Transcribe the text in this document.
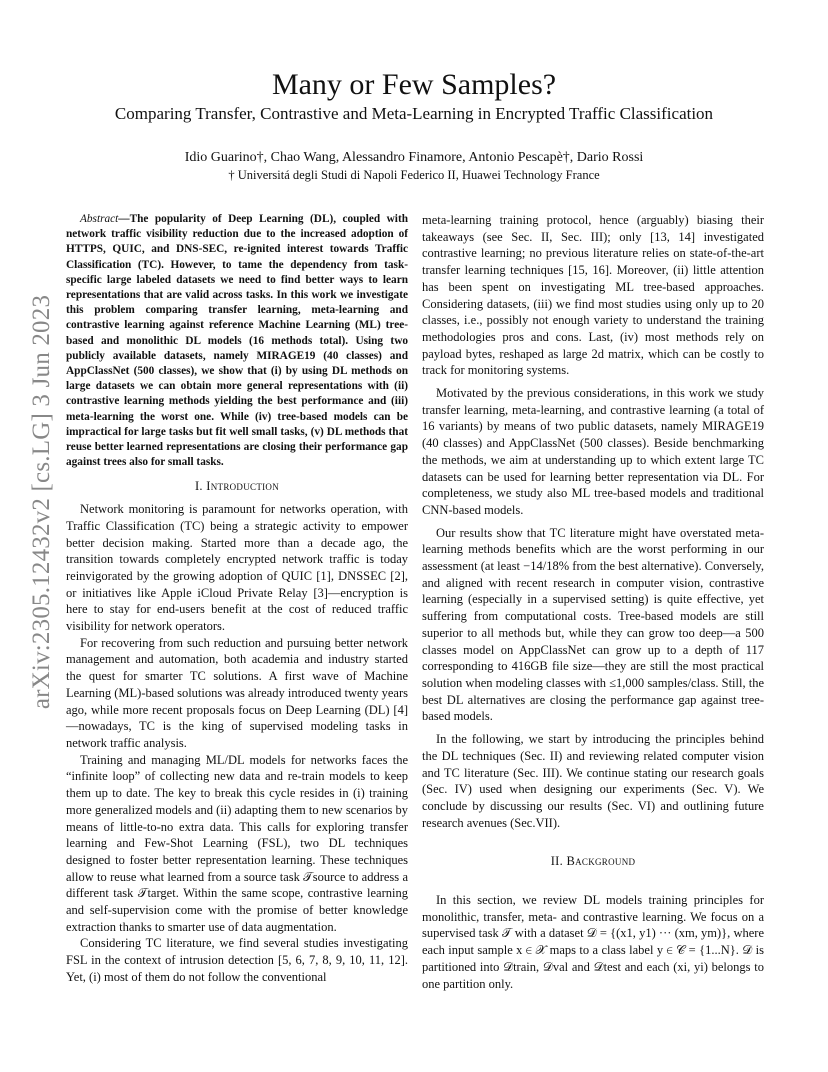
arXiv:2305.12432v2 [cs.LG] 3 Jun 2023
Many or Few Samples?
Comparing Transfer, Contrastive and Meta-Learning in Encrypted Traffic Classification
Idio Guarino†, Chao Wang, Alessandro Finamore, Antonio Pescapè†, Dario Rossi
† Universitá degli Studi di Napoli Federico II, Huawei Technology France

Abstract—The popularity of Deep Learning (DL), coupled with network traffic visibility reduction due to the increased adoption of HTTPS, QUIC, and DNS-SEC, re-ignited interest towards Traffic Classification (TC). However, to tame the dependency from task-specific large labeled datasets we need to find better ways to learn representations that are valid across tasks. In this work we investigate this problem comparing transfer learning, meta-learning and contrastive learning against reference Machine Learning (ML) tree-based and monolithic DL models (16 methods total). Using two publicly available datasets, namely MIRAGE19 (40 classes) and AppClassNet (500 classes), we show that (i) by using DL methods on large datasets we can obtain more general representations with (ii) contrastive learning methods yielding the best performance and (iii) meta-learning the worst one. While (iv) tree-based models can be impractical for large tasks but fit well small tasks, (v) DL methods that reuse better learned representations are closing their performance gap against trees also for small tasks.

I. Introduction

Network monitoring is paramount for networks operation, with Traffic Classification (TC) being a strategic activity to empower better decision making. Started more than a decade ago, the transition towards completely encrypted network traffic is today reinvigorated by the growing adoption of QUIC [1], DNSSEC [2], or initiatives like Apple iCloud Private Relay [3]—encryption is here to stay for end-users benefit at the cost of reduced traffic visibility for network operators.

For recovering from such reduction and pursuing better network management and automation, both academia and industry started the quest for smarter TC solutions. A first wave of Machine Learning (ML)-based solutions was already introduced twenty years ago, while more recent proposals focus on Deep Learning (DL) [4]—nowadays, TC is the king of supervised modeling tasks in network traffic analysis.

Training and managing ML/DL models for networks faces the “infinite loop” of collecting new data and re-train models to keep them up to date. The key to break this cycle resides in (i) training more generalized models and (ii) adapting them to new scenarios by means of little-to-no extra data. This calls for exploring transfer learning and Few-Shot Learning (FSL), two DL techniques designed to foster better representation learning. These techniques allow to reuse what learned from a source task 𝒯source to address a different task 𝒯target. Within the same scope, contrastive learning and self-supervision come with the promise of better knowledge extraction thanks to smarter use of data augmentation.

Considering TC literature, we find several studies investigating FSL in the context of intrusion detection [5, 6, 7, 8, 9, 10, 11, 12]. Yet, (i) most of them do not follow the conventional

meta-learning training protocol, hence (arguably) biasing their takeaways (see Sec. II, Sec. III); only [13, 14] investigated contrastive learning; no previous literature relies on state-of-the-art transfer learning techniques [15, 16]. Moreover, (ii) little attention has been spent on investigating ML tree-based approaches. Considering datasets, (iii) we find most studies using only up to 20 classes, i.e., possibly not enough variety to understand the training methodologies pros and cons. Last, (iv) most methods rely on payload bytes, reshaped as large 2d matrix, which can be costly to track for monitoring systems.

Motivated by the previous considerations, in this work we study transfer learning, meta-learning, and contrastive learning (a total of 16 variants) by means of two public datasets, namely MIRAGE19 (40 classes) and AppClassNet (500 classes). Beside benchmarking the methods, we aim at understanding up to which extent large TC datasets can be used for learning better representation via DL. For completeness, we study also ML tree-based models and traditional CNN-based models.

Our results show that TC literature might have overstated meta-learning methods benefits which are the worst performing in our assessment (at least −14/18% from the best alternative). Conversely, and aligned with recent research in computer vision, contrastive learning (especially in a supervised setting) is quite effective, yet suffering from computational costs. Tree-based models are still superior to all methods but, while they can grow too deep—a 500 classes model on AppClassNet can grow up to a depth of 117 corresponding to 416GB file size—they are still the most practical solution when modeling classes with ≤1,000 samples/class. Still, the best DL alternatives are closing the performance gap against tree-based models.

In the following, we start by introducing the principles behind the DL techniques (Sec. II) and reviewing related computer vision and TC literature (Sec. III). We continue stating our research goals (Sec. IV) used when designing our experiments (Sec. V). We conclude by discussing our results (Sec. VI) and outlining future research avenues (Sec.VII).

II. Background

In this section, we review DL models training principles for monolithic, transfer, meta- and contrastive learning. We focus on a supervised task 𝒯 with a dataset 𝒟 = {(x1, y1) ··· (xm, ym)}, where each input sample x ∈ 𝒳 maps to a class label y ∈ 𝒞 = {1...N}. 𝒟 is partitioned into 𝒟train, 𝒟val and 𝒟test and each (xi, yi) belongs to one partition only.
